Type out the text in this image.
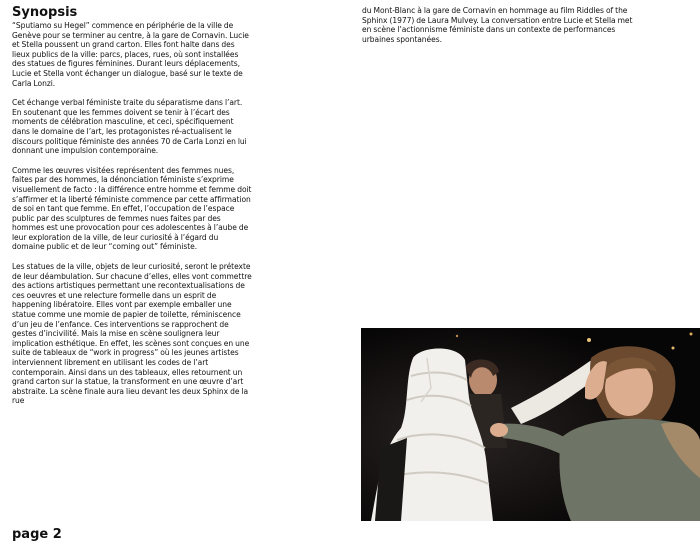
Synopsis

“Sputiamo su Hegel” commence en périphérie de la ville de Genève pour se terminer au centre, à la gare de Cornavin. Lucie et Stella poussent un grand carton. Elles font halte dans des lieux publics de la ville: parcs, places, rues, où sont installées des statues de figures féminines. Durant leurs déplacements, Lucie et Stella vont échanger un dialogue, basé sur le texte de Carla Lonzi.

Cet échange verbal féministe traite du séparatisme dans l’art. En soutenant que les femmes doivent se tenir à l’écart des moments de célébration masculine, et ceci, spécifiquement dans le domaine de l’art, les protagonistes ré-actualisent le discours politique féministe des années 70 de Carla Lonzi en lui donnant une impulsion contemporaine.

Comme les œuvres visitées représentent des femmes nues, faites par des hommes, la dénonciation féministe s’exprime visuellement de facto : la différence entre homme et femme doit s’affirmer et la liberté féministe commence par cette affirmation de soi en tant que femme. En effet, l’occupation de l’espace public par des sculptures de femmes nues faites par des hommes est une provocation pour ces adolescentes à l’aube de leur exploration de la ville, de leur curiosité à l’égard du domaine public et de leur “coming out” féministe.

Les statues de la ville, objets de leur curiosité, seront le prétexte de leur déambulation. Sur chacune d’elles, elles vont commettre des actions artistiques permettant une recontextualisations de ces oeuvres et une relecture formelle dans un esprit de happening libératoire. Elles vont par exemple emballer une statue comme une momie de papier de toilette, réminiscence d’un jeu de l’enfance. Ces interventions se rapprochent de gestes d’incivilité. Mais la mise en scène soulignera leur implication esthétique. En effet, les scènes sont conçues en une suite de tableaux de “work in progress” où les jeunes artistes interviennent librement en utilisant les codes de l’art contemporain. Ainsi dans un des tableaux, elles retournent un grand carton sur la statue, la transforment en une œuvre d’art abstraite. La scène finale aura lieu devant les deux Sphinx de la rue

du Mont-Blanc à la gare de Cornavin en hommage au film Riddles of the Sphinx (1977) de Laura Mulvey. La conversation entre Lucie et Stella met en scène l’actionnisme féministe dans un contexte de performances urbaines spontanées.

page 2
